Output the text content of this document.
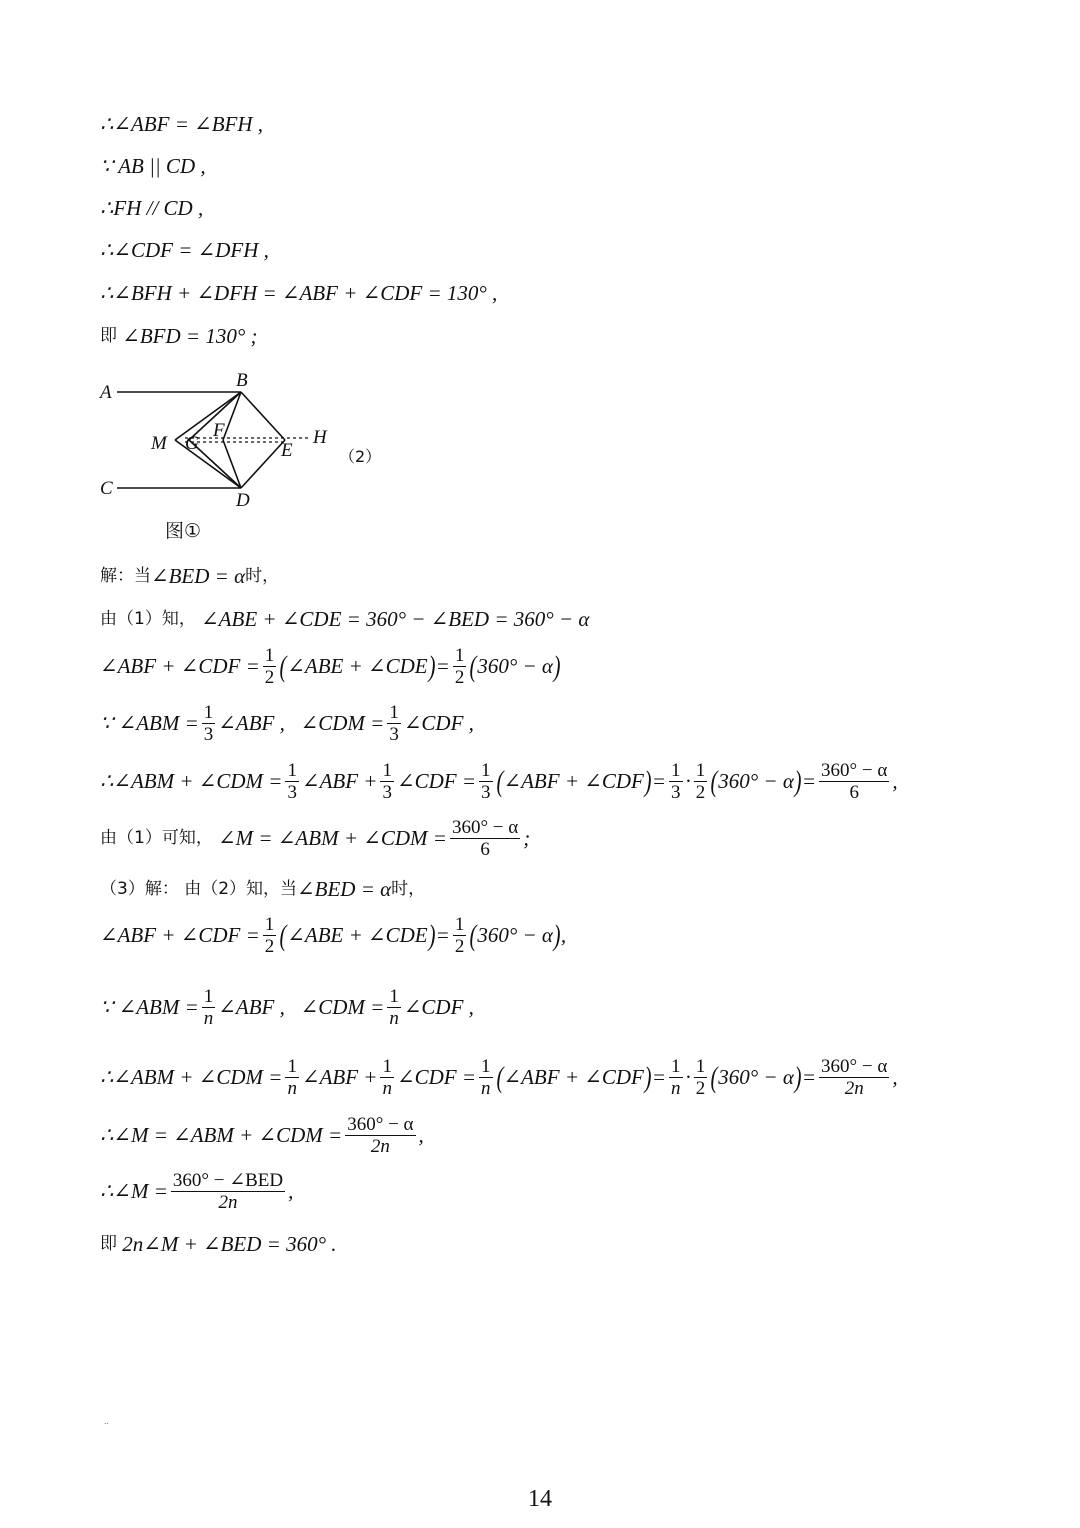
∴∠ABF = ∠BFH ,
∵ AB || CD ,
∴FH // CD ,
∴∠CDF = ∠DFH ,
∴∠BFH + ∠DFH = ∠ABF + ∠CDF = 130° ,
即
∠BFD = 130° ;
A
B
C
D
E
F
G	H
M
（2）
图①
解：当 ∠BED = α 时，
由（1）知，
∠ABE + ∠CDE = 360° − ∠BED = 360° − α
∠ABF + ∠CDF = $\frac{1}{2}$ ( ∠ABE + ∠CDE ) = $\frac{1}{2}$ ( 360° − α )
∵ ∠ABM = $\frac{1}{3}$ ∠ABF ,
∠CDM = $\frac{1}{3}$ ∠CDF ,
∴∠ABM + ∠CDM = $\frac{1}{3}$ ∠ABF + $\frac{1}{3}$ ∠CDF = $\frac{1}{3}$ ( ∠ABF + ∠CDF ) = $\frac{1}{3} \cdot \frac{1}{2}$ ( 360° − α ) = $\frac{360^\circ - \alpha}{6}$ ,
由（1）可知，
∠M = ∠ABM + ∠CDM = $\frac{360^\circ - \alpha}{6}$ ;
（3）解： 由（2）知，当 ∠BED = α 时，
∠ABF + ∠CDF = $\frac{1}{2}$ ( ∠ABE + ∠CDE ) = $\frac{1}{2}$ ( 360° − α ) ,
∵ ∠ABM = $\frac{1}{n}$ ∠ABF ,
∠CDM = $\frac{1}{n}$ ∠CDF ,
∴∠ABM + ∠CDM = $\frac{1}{n}$ ∠ABF + $\frac{1}{n}$ ∠CDF = $\frac{1}{n}$ ( ∠ABF + ∠CDF ) = $\frac{1}{n} \cdot \frac{1}{2}$ ( 360° − α ) = $\frac{360^\circ - \alpha}{2n}$ ,
∴∠M = ∠ABM + ∠CDM = $\frac{360^\circ - \alpha}{2n}$ ,
∴∠M = $\frac{\text{360° − ∠BED}}{2n}$ ,
即
2n∠M + ∠BED = 360° .
..
14
